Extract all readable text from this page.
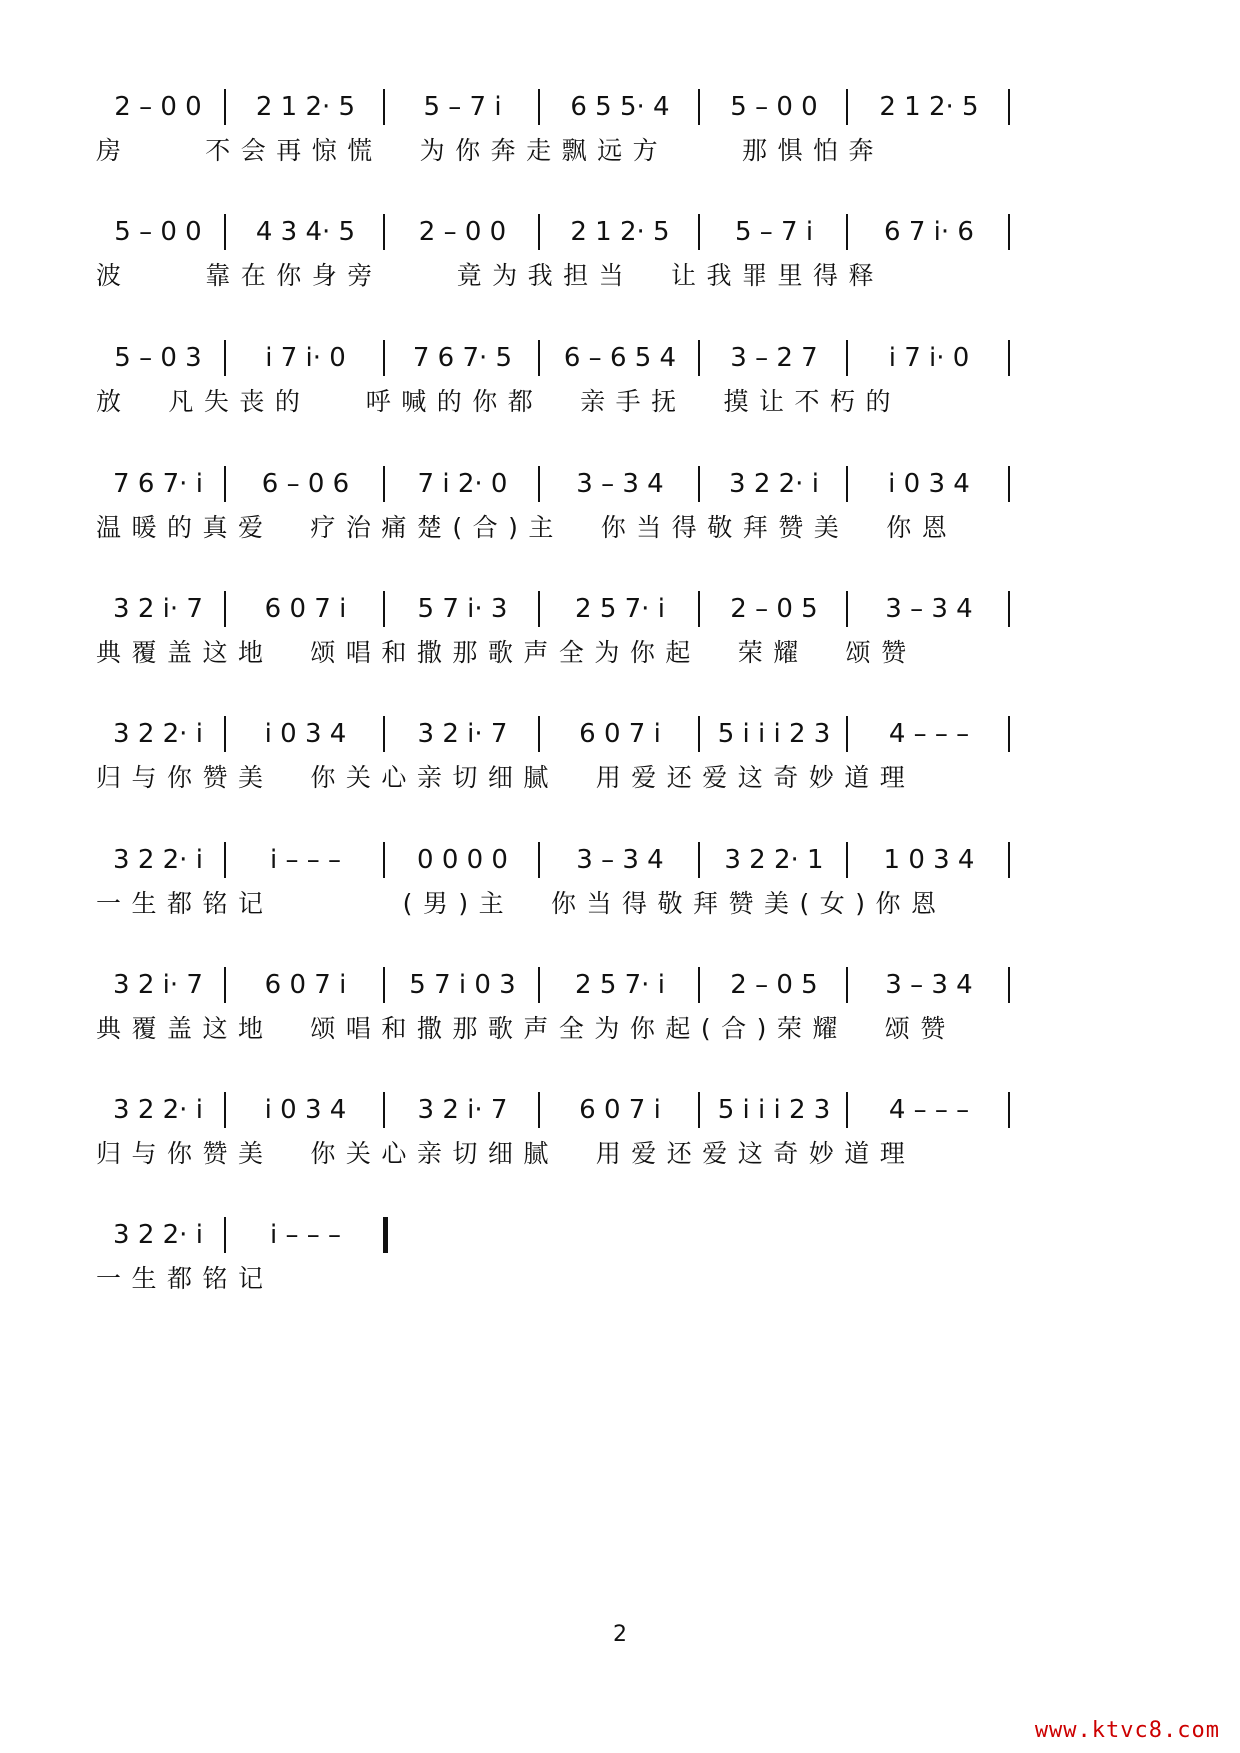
2 – 0 0	2 1 2· 5	5 – 7 i	6 5 5· 4	5 – 0 0	2 1 2· 5
房    不会再惊慌  为你奔走飘远方    那惧怕奔
5 – 0 0	4 3 4· 5	2 – 0 0	2 1 2· 5	5 – 7 i	6 7 i· 6
波    靠在你身旁    竟为我担当  让我罪里得释
5 – 0 3	i 7 i· 0	7 6 7· 5	6 – 6 5 4	3 – 2 7	i 7 i· 0
放  凡失丧的   呼喊的你都  亲手抚  摸让不朽的
7 6 7· i	6 – 0 6	7 i 2· 0	3 – 3 4	3 2 2· i	i 0 3 4
温暖的真爱  疗治痛楚(合)主  你当得敬拜赞美  你恩
3 2 i· 7	6 0 7 i	5 7 i· 3	2 5 7· i	2 – 0 5	3 – 3 4
典覆盖这地  颂唱和撒那歌声全为你起  荣耀  颂赞
3 2 2· i	i 0 3 4	3 2 i· 7	6 0 7 i	5 i i i 2 3	4 – – –
归与你赞美  你关心亲切细腻  用爱还爱这奇妙道理
3 2 2· i	i – – –	0 0 0 0	3 – 3 4	3 2 2· 1	1 0 3 4
一生都铭记       (男)主  你当得敬拜赞美(女)你恩
3 2 i· 7	6 0 7 i	5 7 i 0 3	2 5 7· i	2 – 0 5	3 – 3 4
典覆盖这地  颂唱和撒那歌声全为你起(合)荣耀  颂赞
3 2 2· i	i 0 3 4	3 2 i· 7	6 0 7 i	5 i i i 2 3	4 – – –
归与你赞美  你关心亲切细腻  用爱还爱这奇妙道理
3 2 2· i	i – – –
一生都铭记
2
www.ktvc8.com
